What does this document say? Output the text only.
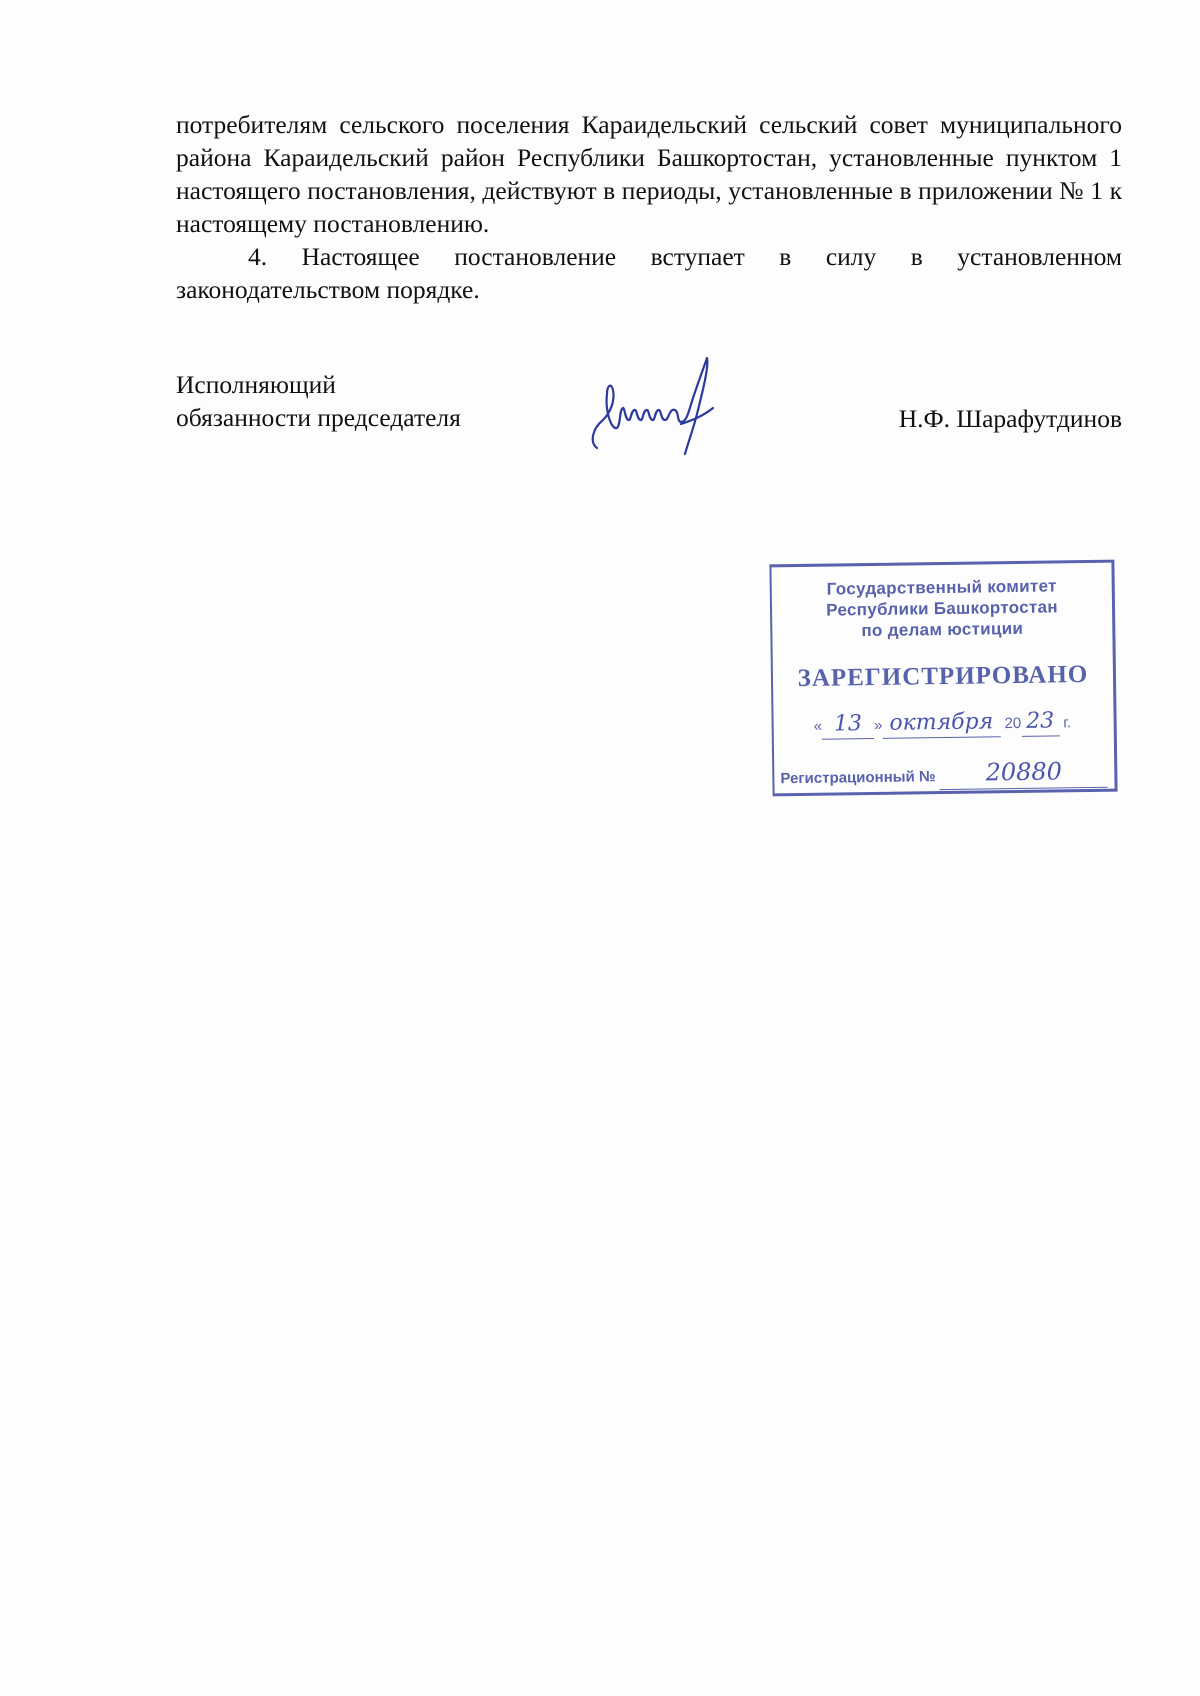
потребителям сельского поселения Караидельский сельский совет муниципального района Караидельский район Республики Башкортостан, установленные пунктом 1 настоящего постановления, действуют в периоды, установленные в приложении № 1 к настоящему постановлению.

4. Настоящее постановление вступает в силу в установленном законодательством порядке.

Исполняющий
обязанности председателя	Н.Ф. Шарафутдинов
Государственный комитет
Республики Башкортостан
по делам юстиции
ЗАРЕГИСТРИРОВАНО
« 13 » октября 20 23 г.
Регистрационный № 20880
